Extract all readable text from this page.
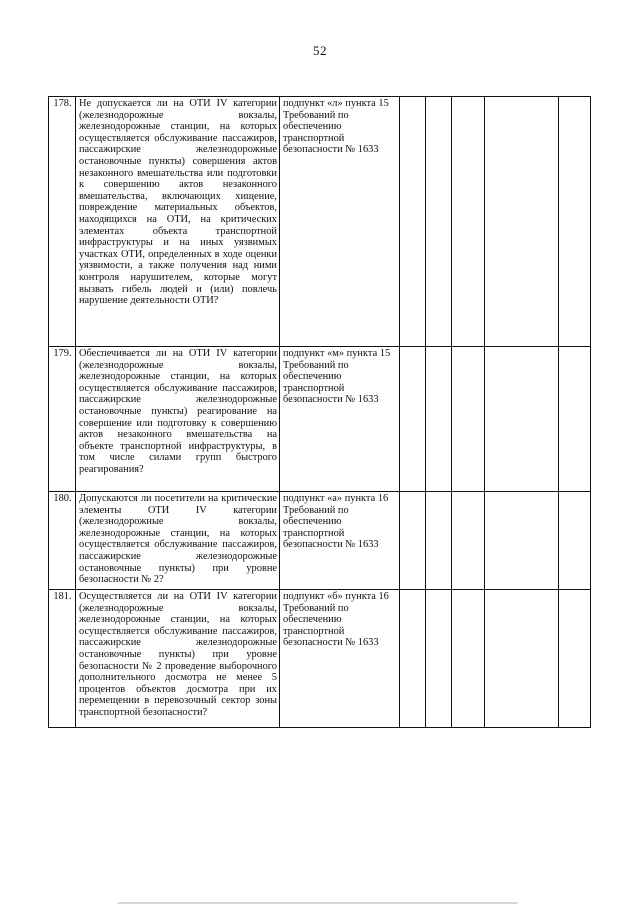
52
178.	Не допускается ли на ОТИ IV категории (железнодорожные вокзалы, железнодорожные станции, на которых осуществляется обслуживание пассажиров, пассажирские железнодорожные остановочные пункты) совершения актов незаконного вмешательства или подготовки к совершению актов незаконного вмешательства, включающих хищение, повреждение материальных объектов, находящихся на ОТИ, на критических элементах объекта транспортной инфраструктуры и на иных уязвимых участках ОТИ, определенных в ходе оценки уязвимости, а также получения над ними контроля нарушителем, которые могут вызвать гибель людей и (или) повлечь нарушение деятельности ОТИ?	подпункт «л» пункта 15 Требований по обеспечению транспортной безопасности № 1633					
179.	Обеспечивается ли на ОТИ IV категории (железнодорожные вокзалы, железнодорожные станции, на которых осуществляется обслуживание пассажиров, пассажирские железнодорожные остановочные пункты) реагирование на совершение или подготовку к совершению актов незаконного вмешательства на объекте транспортной инфраструктуры, в том числе силами групп быстрого реагирования?	подпункт «м» пункта 15 Требований по обеспечению транспортной безопасности № 1633					
180.	Допускаются ли посетители на критические элементы ОТИ IV категории (железнодорожные вокзалы, железнодорожные станции, на которых осуществляется обслуживание пассажиров, пассажирские железнодорожные остановочные пункты) при уровне безопасности № 2?	подпункт «а» пункта 16 Требований по обеспечению транспортной безопасности № 1633					
181.	Осуществляется ли на ОТИ IV категории (железнодорожные вокзалы, железнодорожные станции, на которых осуществляется обслуживание пассажиров, пассажирские железнодорожные остановочные пункты) при уровне безопасности № 2 проведение выборочного дополнительного досмотра не менее 5 процентов объектов досмотра при их перемещении в перевозочный сектор зоны транспортной безопасности?	подпункт «б» пункта 16 Требований по обеспечению транспортной безопасности № 1633					
